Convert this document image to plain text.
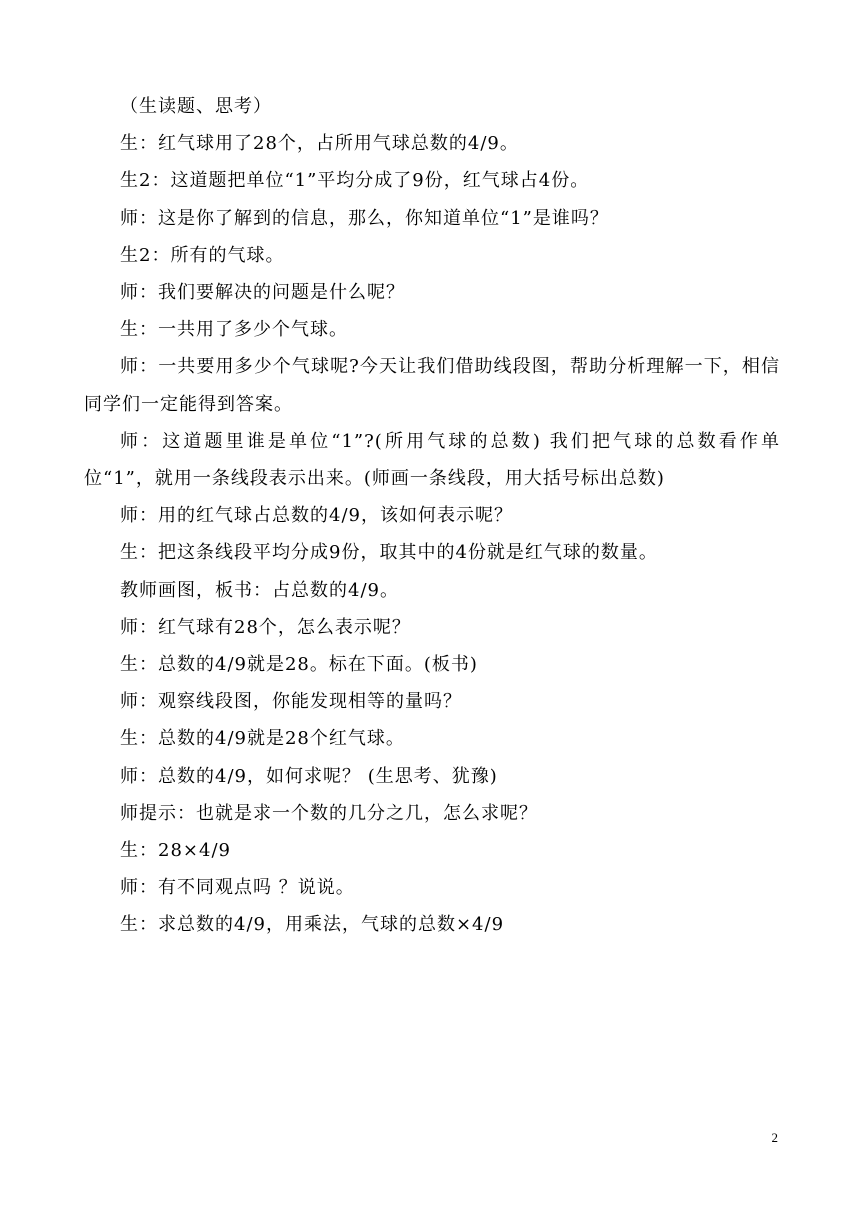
（生读题、思考）

生：红气球用了28个，占所用气球总数的4/9。

生2：这道题把单位“1”平均分成了9份，红气球占4份。

师：这是你了解到的信息，那么，你知道单位“1”是谁吗？

生2：所有的气球。

师：我们要解决的问题是什么呢？

生：一共用了多少个气球。

师：一共要用多少个气球呢?今天让我们借助线段图，帮助分析理解一下，相信同学们一定能得到答案。

师：这道题里谁是单位“1”?(所用气球的总数) 我们把气球的总数看作单位“1”，就用一条线段表示出来。(师画一条线段，用大括号标出总数)

师：用的红气球占总数的4/9，该如何表示呢？

生：把这条线段平均分成9份，取其中的4份就是红气球的数量。

教师画图，板书：占总数的4/9。

师：红气球有28个，怎么表示呢？

生：总数的4/9就是28。标在下面。(板书)

师：观察线段图，你能发现相等的量吗？

生：总数的4/9就是28个红气球。

师：总数的4/9，如何求呢？ (生思考、犹豫)

师提示：也就是求一个数的几分之几，怎么求呢？

生：28×4/9

师：有不同观点吗 ？说说。

生：求总数的4/9，用乘法，气球的总数×4/9

2
